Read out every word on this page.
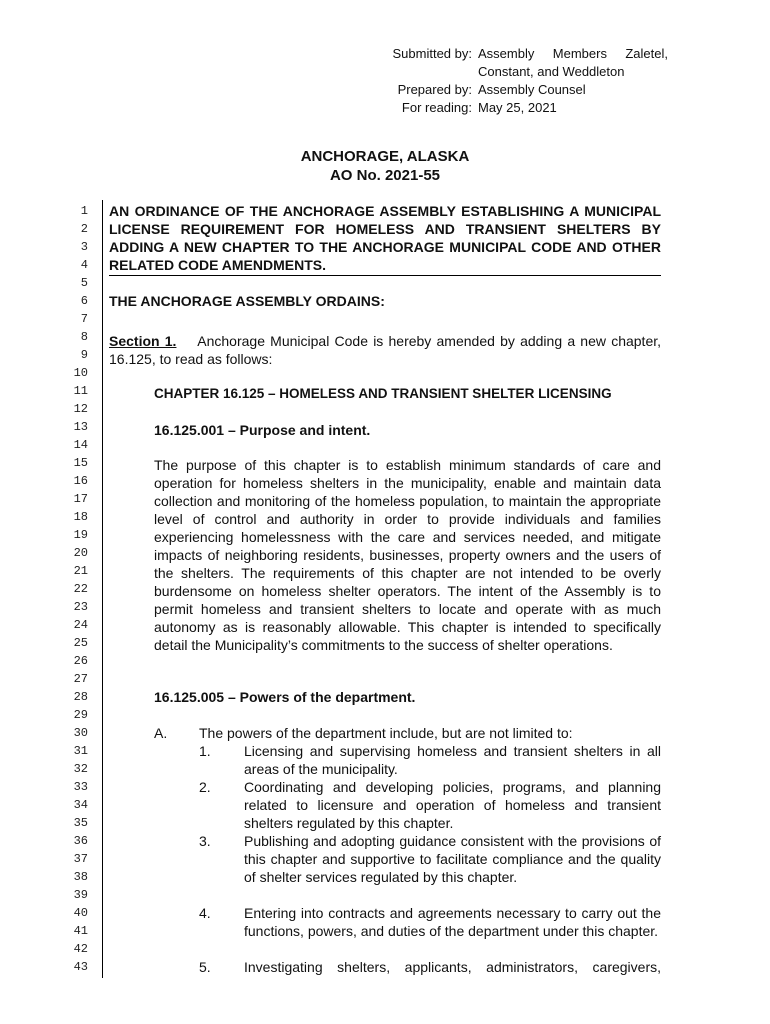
Submitted by: Assembly Members Zaletel,
Constant, and Weddleton
Prepared by: Assembly Counsel
For reading: May 25, 2021
ANCHORAGE, ALASKA
AO No. 2021-55
1
2
3
4
5
6
7
8
9
10
11
12
13
14
15
16
17
18
19
20
21
22
23
24
25
26
27
28
29
30
31
32
33
34
35
36
37
38
39
40
41
42
43
AN ORDINANCE OF THE ANCHORAGE ASSEMBLY ESTABLISHING A MUNICIPAL LICENSE REQUIREMENT FOR HOMELESS AND TRANSIENT SHELTERS BY ADDING A NEW CHAPTER TO THE ANCHORAGE MUNICIPAL CODE AND OTHER RELATED CODE AMENDMENTS.
THE ANCHORAGE ASSEMBLY ORDAINS:
Section 1. Anchorage Municipal Code is hereby amended by adding a new chapter, 16.125, to read as follows:
CHAPTER 16.125 – HOMELESS AND TRANSIENT SHELTER LICENSING
16.125.001 – Purpose and intent.
The purpose of this chapter is to establish minimum standards of care and operation for homeless shelters in the municipality, enable and maintain data collection and monitoring of the homeless population, to maintain the appropriate level of control and authority in order to provide individuals and families experiencing homelessness with the care and services needed, and mitigate impacts of neighboring residents, businesses, property owners and the users of the shelters. The requirements of this chapter are not intended to be overly burdensome on homeless shelter operators. The intent of the Assembly is to permit homeless and transient shelters to locate and operate with as much autonomy as is reasonably allowable. This chapter is intended to specifically detail the Municipality’s commitments to the success of shelter operations.
16.125.005 – Powers of the department.
A. The powers of the department include, but are not limited to:
1. Licensing and supervising homeless and transient shelters in all areas of the municipality.
2. Coordinating and developing policies, programs, and planning related to licensure and operation of homeless and transient shelters regulated by this chapter.
3. Publishing and adopting guidance consistent with the provisions of this chapter and supportive to facilitate compliance and the quality of shelter services regulated by this chapter.
4. Entering into contracts and agreements necessary to carry out the functions, powers, and duties of the department under this chapter.
5. Investigating shelters, applicants, administrators, caregivers,
